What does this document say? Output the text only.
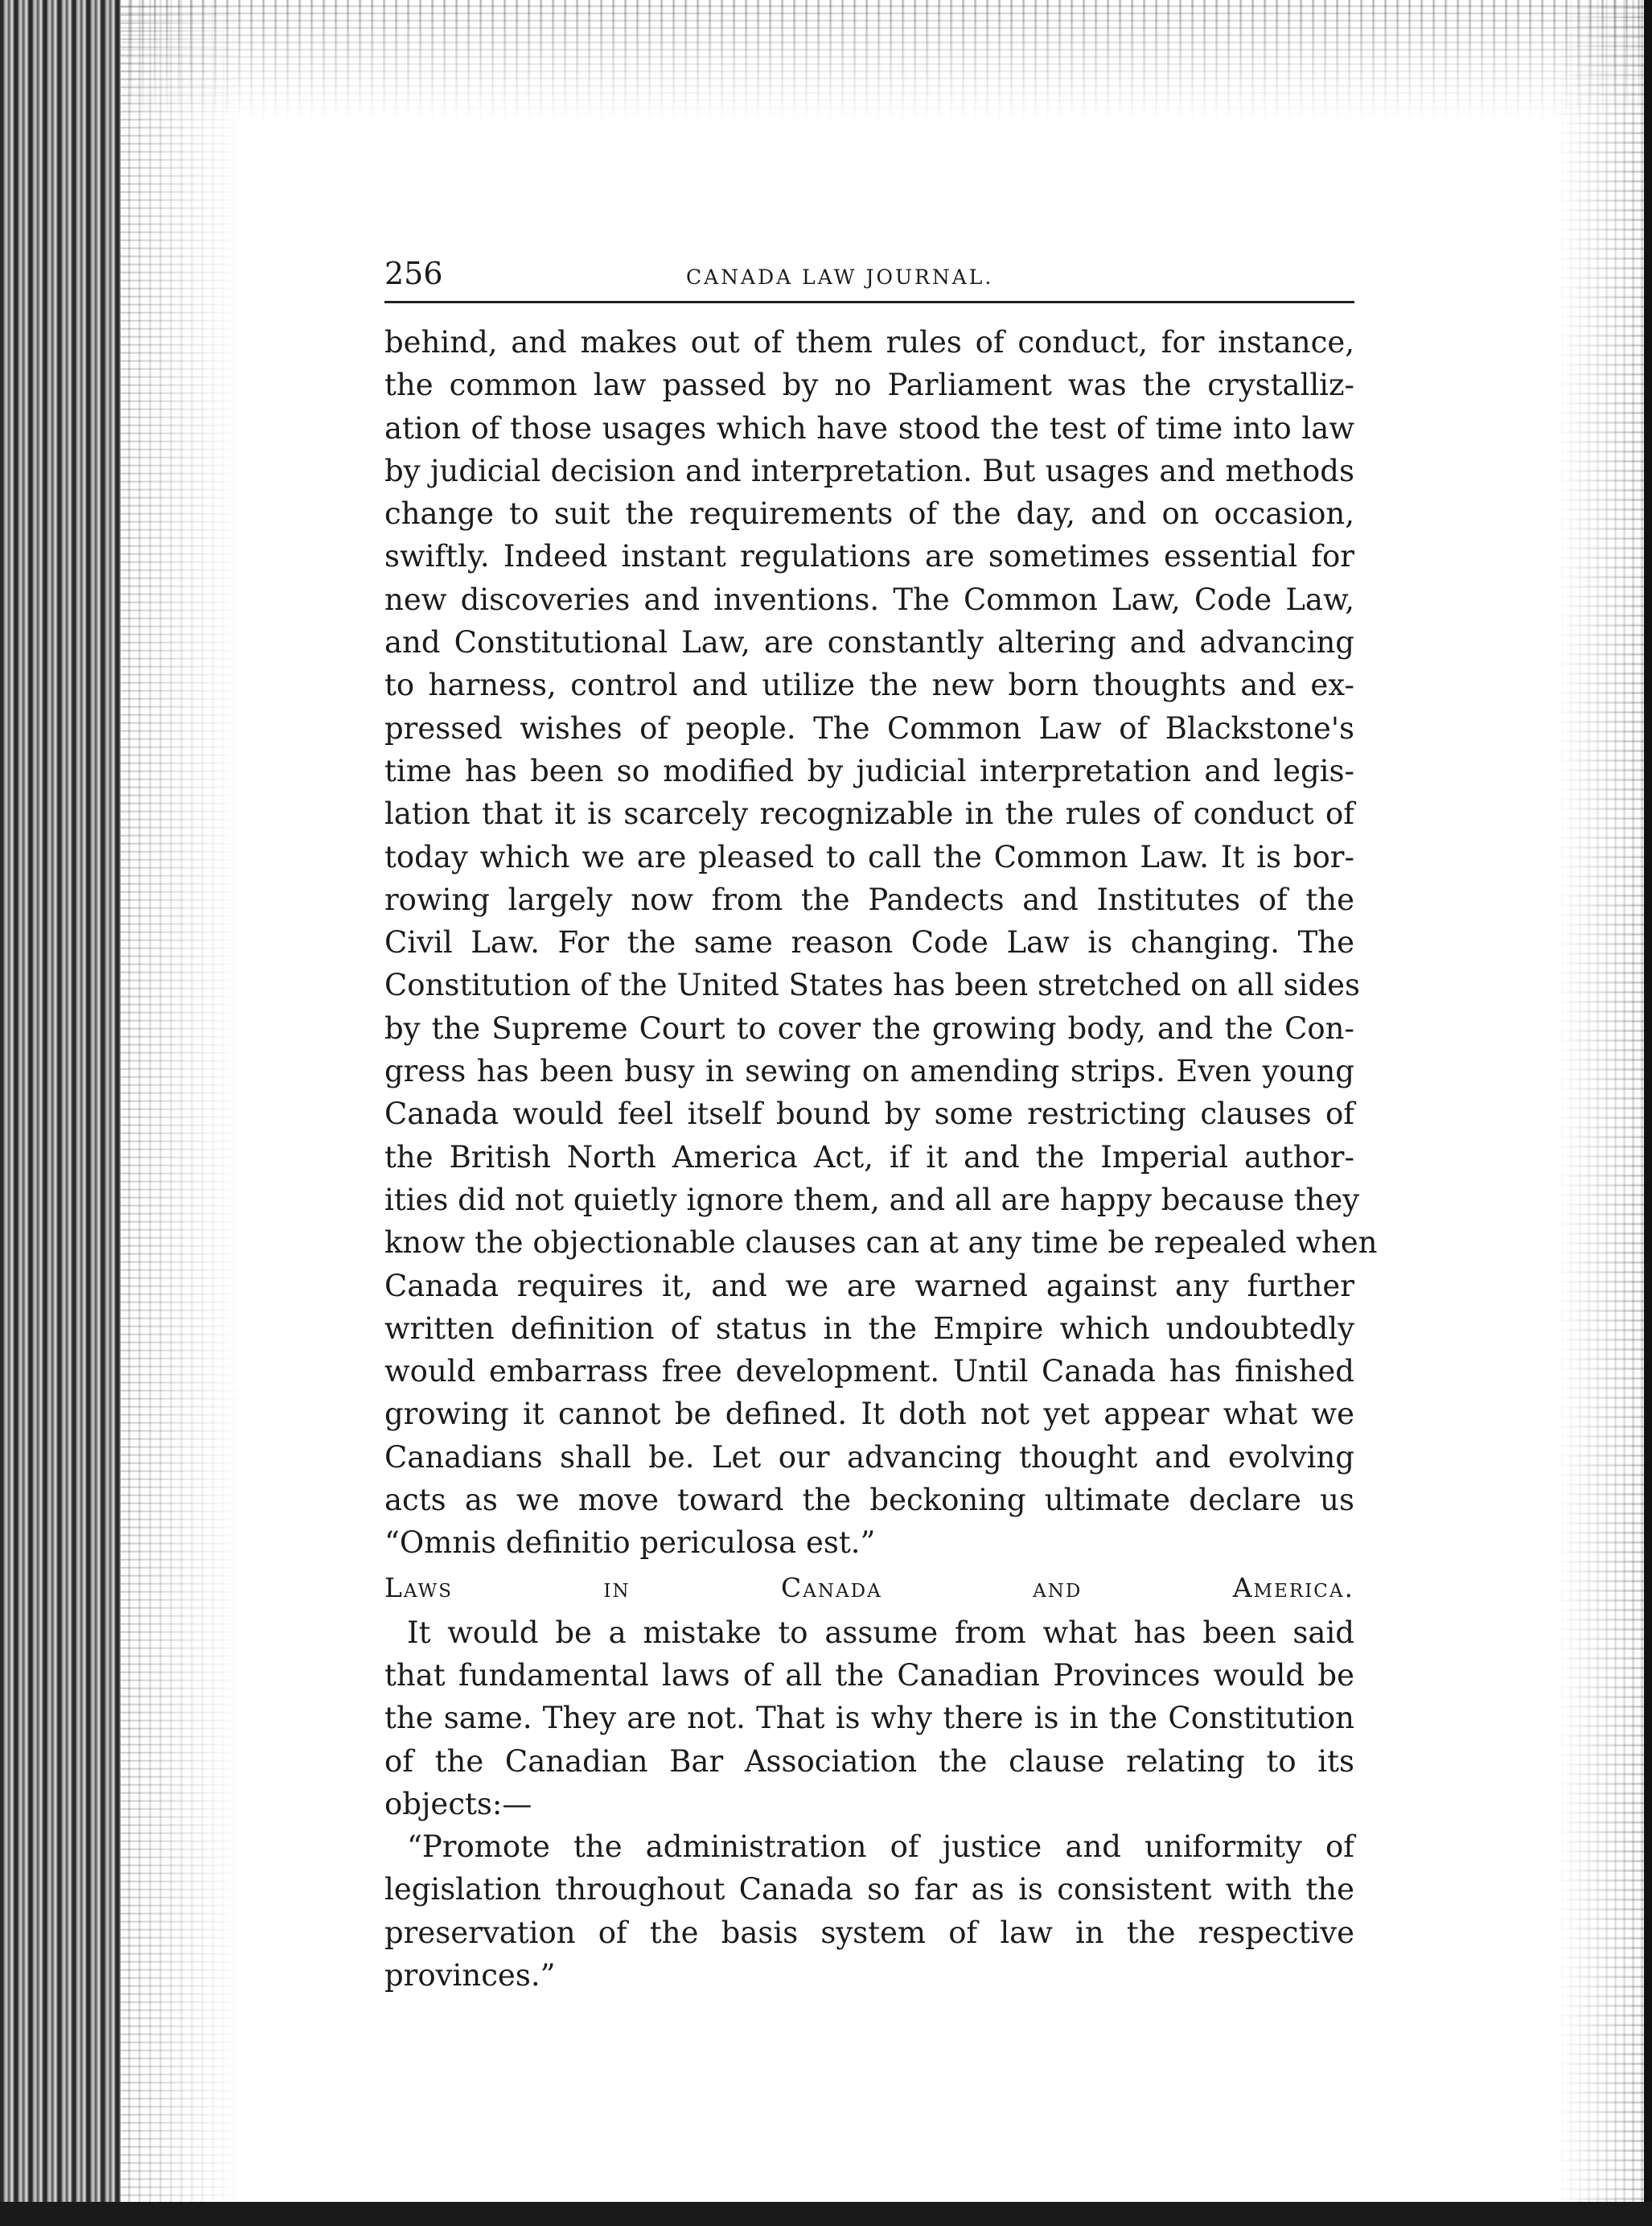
256	CANADA LAW JOURNAL.
behind, and makes out of them rules of conduct, for instance,
the common law passed by no Parliament was the crystalliz-
ation of those usages which have stood the test of time into law
by judicial decision and interpretation. But usages and methods
change to suit the requirements of the day, and on occasion,
swiftly. Indeed instant regulations are sometimes essential for
new discoveries and inventions. The Common Law, Code Law,
and Constitutional Law, are constantly altering and advancing
to harness, control and utilize the new born thoughts and ex-
pressed wishes of people. The Common Law of Blackstone's
time has been so modified by judicial interpretation and legis-
lation that it is scarcely recognizable in the rules of conduct of
today which we are pleased to call the Common Law. It is bor-
rowing largely now from the Pandects and Institutes of the
Civil Law. For the same reason Code Law is changing. The
Constitution of the United States has been stretched on all sides
by the Supreme Court to cover the growing body, and the Con-
gress has been busy in sewing on amending strips. Even young
Canada would feel itself bound by some restricting clauses of
the British North America Act, if it and the Imperial author-
ities did not quietly ignore them, and all are happy because they
know the objectionable clauses can at any time be repealed when
Canada requires it, and we are warned against any further
written definition of status in the Empire which undoubtedly
would embarrass free development. Until Canada has finished
growing it cannot be defined. It doth not yet appear what we
Canadians shall be. Let our advancing thought and evolving
acts as we move toward the beckoning ultimate declare us
“Omnis definitio periculosa est.”
Laws in Canada and America.
It would be a mistake to assume from what has been said
that fundamental laws of all the Canadian Provinces would be
the same. They are not. That is why there is in the Constitution
of the Canadian Bar Association the clause relating to its
objects:—
“Promote the administration of justice and uniformity of
legislation throughout Canada so far as is consistent with the
preservation of the basis system of law in the respective
provinces.”
